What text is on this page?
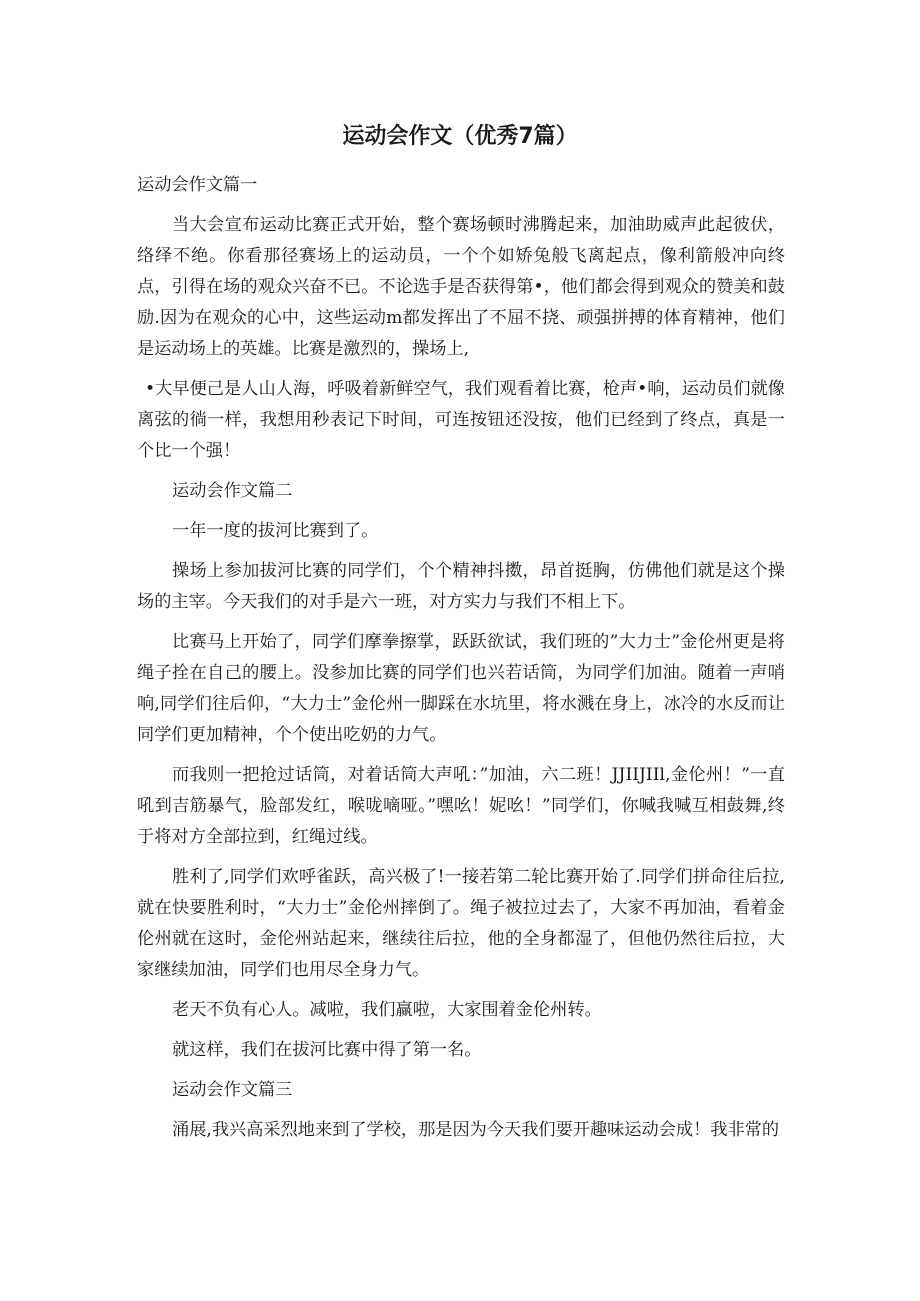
运动会作文（优秀7篇）

运动会作文篇一

当大会宣布运动比赛正式开始，整个赛场顿时沸腾起来，加油助威声此起彼伏，络绎不绝。你看那径赛场上的运动员，一个个如矫兔般飞离起点，像利箭般冲向终点，引得在场的观众兴奋不已。不论选手是否获得第•，他们都会得到观众的赞美和鼓励.因为在观众的心中，这些运动m都发挥出了不屈不挠、顽强拼搏的体育精神，他们是运动场上的英雄。比赛是激烈的，操场上,

•大早便己是人山人海，呼吸着新鲜空气，我们观看着比赛，枪声•响，运动员们就像离弦的徜一样，我想用秒表记下时间，可连按钮还没按，他们已经到了终点，真是一个比一个强！

运动会作文篇二

一年一度的拔河比赛到了。

操场上参加拔河比赛的同学们，个个精神抖擞，昂首挺胸，仿佛他们就是这个操场的主宰。今天我们的对手是六一班，对方实力与我们不相上下。

比赛马上开始了，同学们摩拳擦掌，跃跃欲试，我们班的”大力士”金伦州更是将绳子拴在自己的腰上。没参加比赛的同学们也兴若话筒，为同学们加油。随着一声哨响,同学们往后仰，“大力士”金伦州一脚踩在水坑里，将水溅在身上，冰冷的水反而让同学们更加精神，个个使出吃奶的力气。

而我则一把抢过话筒，对着话筒大声吼：”加油，六二班！JJIIJIIl,金伦州！”一直吼到吉筋暴气，脸部发红，喉咙嘀哑。”嘿吆！妮吆！”同学们，你喊我喊互相鼓舞,终于将对方全部拉到，红绳过线。

胜利了,同学们欢呼雀跃，高兴极了!一接若第二轮比赛开始了.同学们拼命往后拉,就在快要胜利时，“大力士”金伦州摔倒了。绳子被拉过去了，大家不再加油，看着金伦州就在这时，金伦州站起来，继续往后拉，他的全身都湿了，但他仍然往后拉，大家继续加油，同学们也用尽全身力气。

老天不负有心人。减啦，我们赢啦，大家围着金伦州转。

就这样，我们在拔河比赛中得了第一名。

运动会作文篇三

涌展,我兴高采烈地来到了学校，那是因为今天我们要开趣味运动会成！我非常的
